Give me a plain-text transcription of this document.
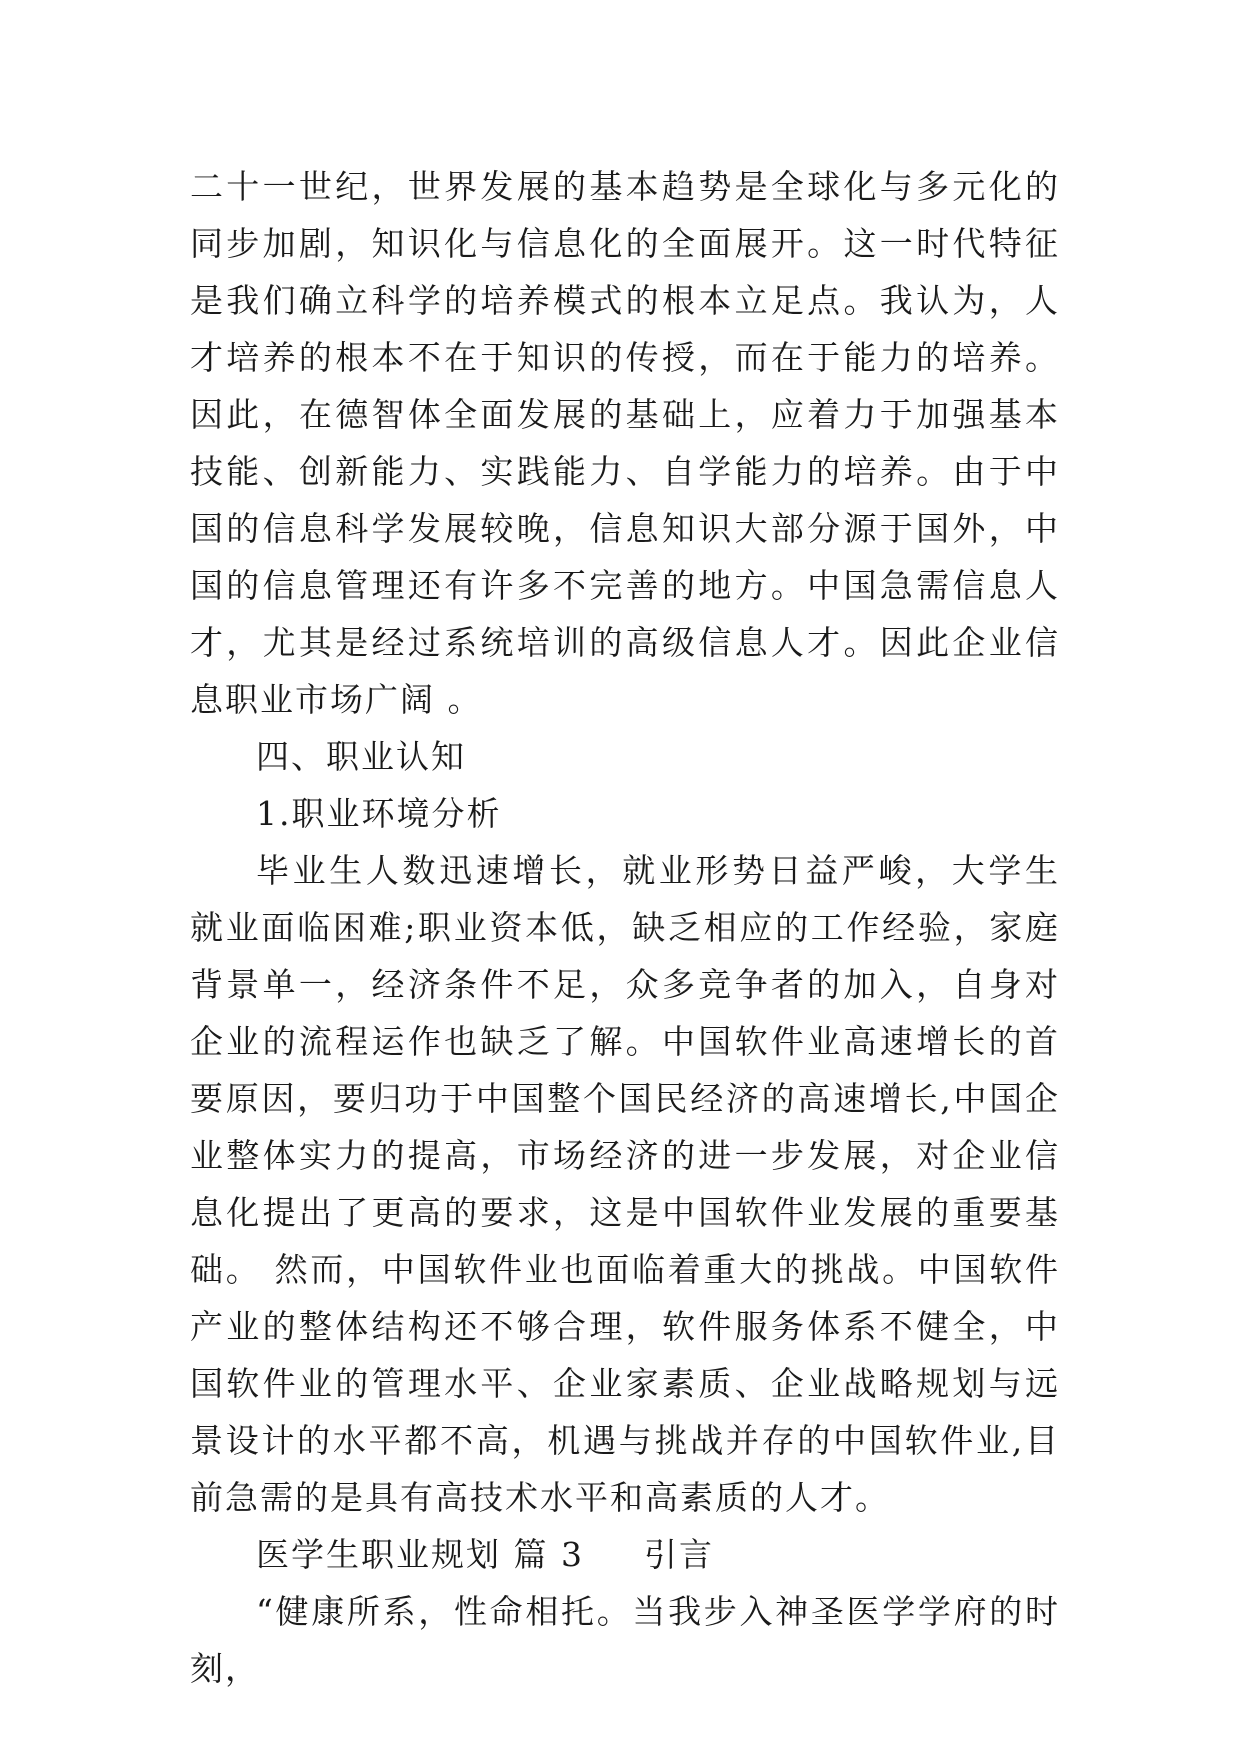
二十一世纪，世界发展的基本趋势是全球化与多元化的同步加剧，知识化与信息化的全面展开。这一时代特征是我们确立科学的培养模式的根本立足点。我认为，人才培养的根本不在于知识的传授，而在于能力的培养。因此，在德智体全面发展的基础上，应着力于加强基本技能、创新能力、实践能力、自学能力的培养。由于中国的信息科学发展较晚，信息知识大部分源于国外，中国的信息管理还有许多不完善的地方。中国急需信息人才，尤其是经过系统培训的高级信息人才。因此企业信息职业市场广阔 。

四、职业认知

1.职业环境分析

毕业生人数迅速增长，就业形势日益严峻，大学生就业面临困难;职业资本低，缺乏相应的工作经验，家庭背景单一，经济条件不足，众多竞争者的加入，自身对企业的流程运作也缺乏了解。中国软件业高速增长的首要原因，要归功于中国整个国民经济的高速增长,中国企业整体实力的提高，市场经济的进一步发展，对企业信息化提出了更高的要求，这是中国软件业发展的重要基础。 然而，中国软件业也面临着重大的挑战。中国软件产业的整体结构还不够合理，软件服务体系不健全，中国软件业的管理水平、企业家素质、企业战略规划与远景设计的水平都不高，机遇与挑战并存的中国软件业,目前急需的是具有高技术水平和高素质的人才。

医学生职业规划 篇 3 引言

“健康所系，性命相托。当我步入神圣医学学府的时刻，
